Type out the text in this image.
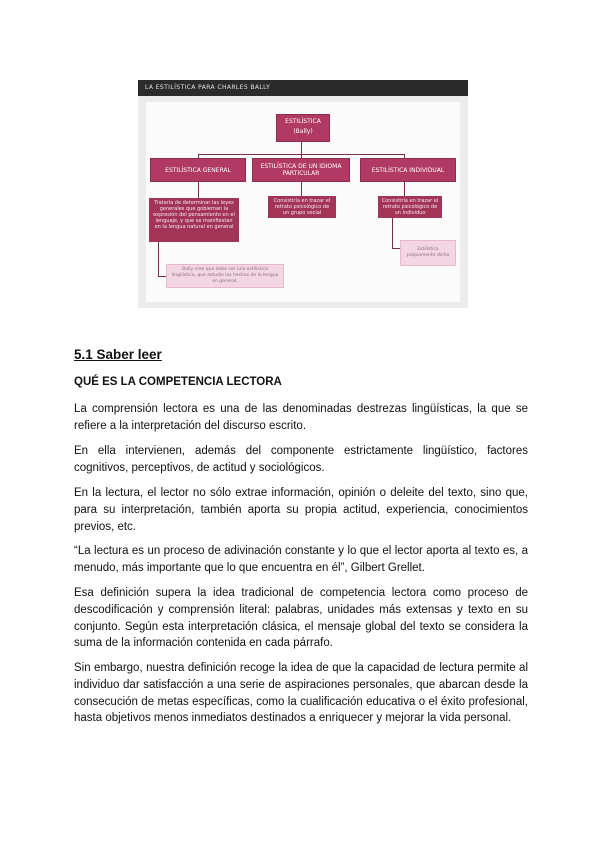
LA ESTILÍSTICA PARA CHARLES BALLY
ESTILÍSTICA
(Bally)
ESTILÍSTICA GENERAL	ESTILÍSTICA DE UN IDIOMA PARTICULAR	ESTILÍSTICA INDIVIDUAL
Trataría de determinar las leyes generales que gobiernan la expresión del pensamiento en el lenguaje, y que se manifiestan en la lengua natural en general
Consistiría en trazar el retrato psicológico de un grupo social
Consistiría en trazar el retrato psicológico de un individuo
Bally cree que debe ser una estilística lingüística, que estudie los hechos de la lengua en general.
Estilística propiamente dicha
5.1 Saber leer
QUÉ ES LA COMPETENCIA LECTORA

La comprensión lectora es una de las denominadas destrezas lingüísticas, la que se refiere a la interpretación del discurso escrito.

En ella intervienen, además del componente estrictamente lingüístico, factores cognitivos, perceptivos, de actitud y sociológicos.

En la lectura, el lector no sólo extrae información, opinión o deleite del texto, sino que, para su interpretación, también aporta su propia actitud, experiencia, conocimientos previos, etc.

“La lectura es un proceso de adivinación constante y lo que el lector aporta al texto es, a menudo, más importante que lo que encuentra en él”, Gilbert Grellet.

Esa definición supera la idea tradicional de competencia lectora como proceso de descodificación y comprensión literal: palabras, unidades más extensas y texto en su conjunto. Según esta interpretación clásica, el mensaje global del texto se considera la suma de la información contenida en cada párrafo.

Sin embargo, nuestra definición recoge la idea de que la capacidad de lectura permite al individuo dar satisfacción a una serie de aspiraciones personales, que abarcan desde la consecución de metas específicas, como la cualificación educativa o el éxito profesional, hasta objetivos menos inmediatos destinados a enriquecer y mejorar la vida personal.
